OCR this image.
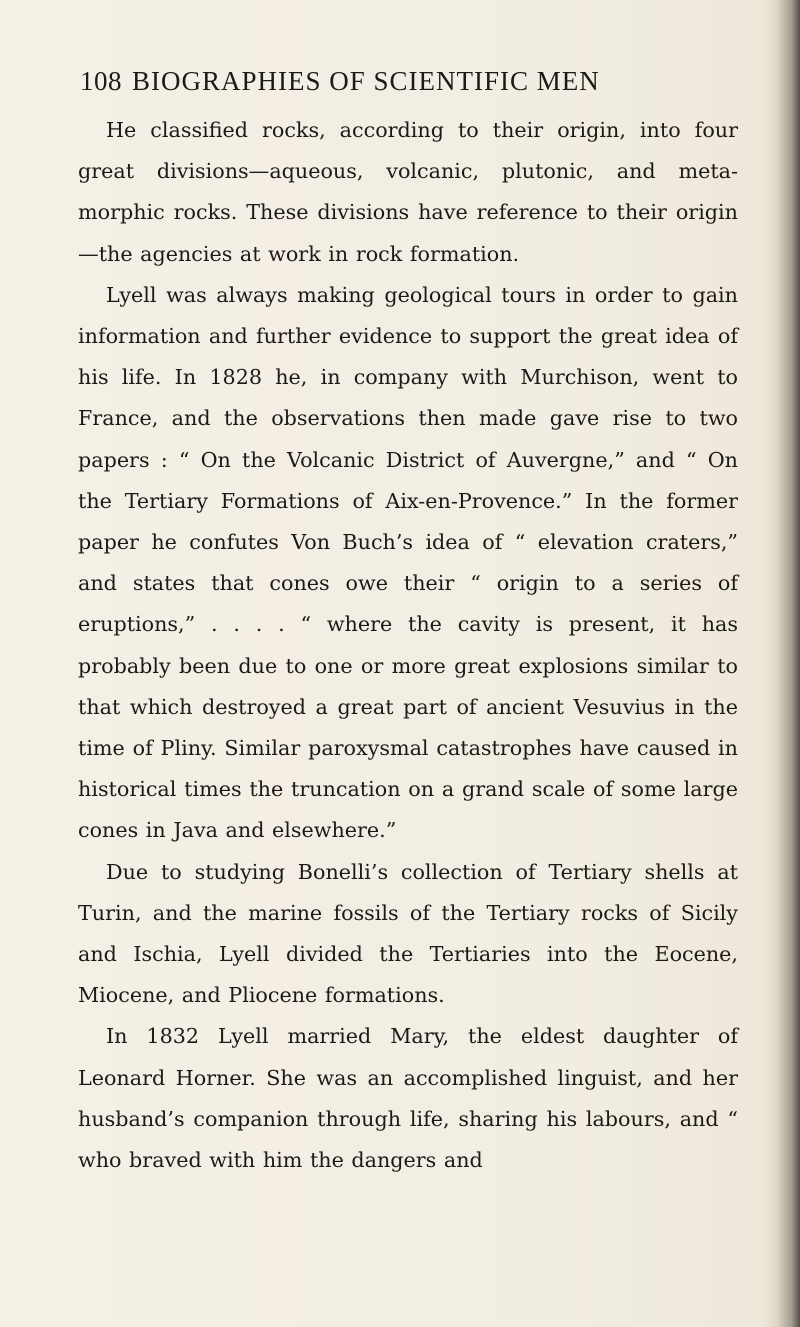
108 BIOGRAPHIES OF SCIENTIFIC MEN

He classified rocks, according to their origin, into four great divisions—aqueous, volcanic, plutonic, and meta-morphic rocks. These divisions have reference to their origin—the agencies at work in rock formation.

Lyell was always making geological tours in order to gain information and further evidence to support the great idea of his life. In 1828 he, in company with Murchison, went to France, and the observations then made gave rise to two papers : “ On the Volcanic District of Auvergne,” and “ On the Tertiary Formations of Aix-en-Provence.” In the former paper he confutes Von Buch’s idea of “ elevation craters,” and states that cones owe their “ origin to a series of eruptions,” . . . . “ where the cavity is present, it has probably been due to one or more great explosions similar to that which destroyed a great part of ancient Vesuvius in the time of Pliny. Similar paroxysmal catastrophes have caused in historical times the truncation on a grand scale of some large cones in Java and elsewhere.”

Due to studying Bonelli’s collection of Tertiary shells at Turin, and the marine fossils of the Tertiary rocks of Sicily and Ischia, Lyell divided the Tertiaries into the Eocene, Miocene, and Pliocene formations.

In 1832 Lyell married Mary, the eldest daughter of Leonard Horner. She was an accomplished linguist, and her husband’s companion through life, sharing his labours, and “ who braved with him the dangers and
